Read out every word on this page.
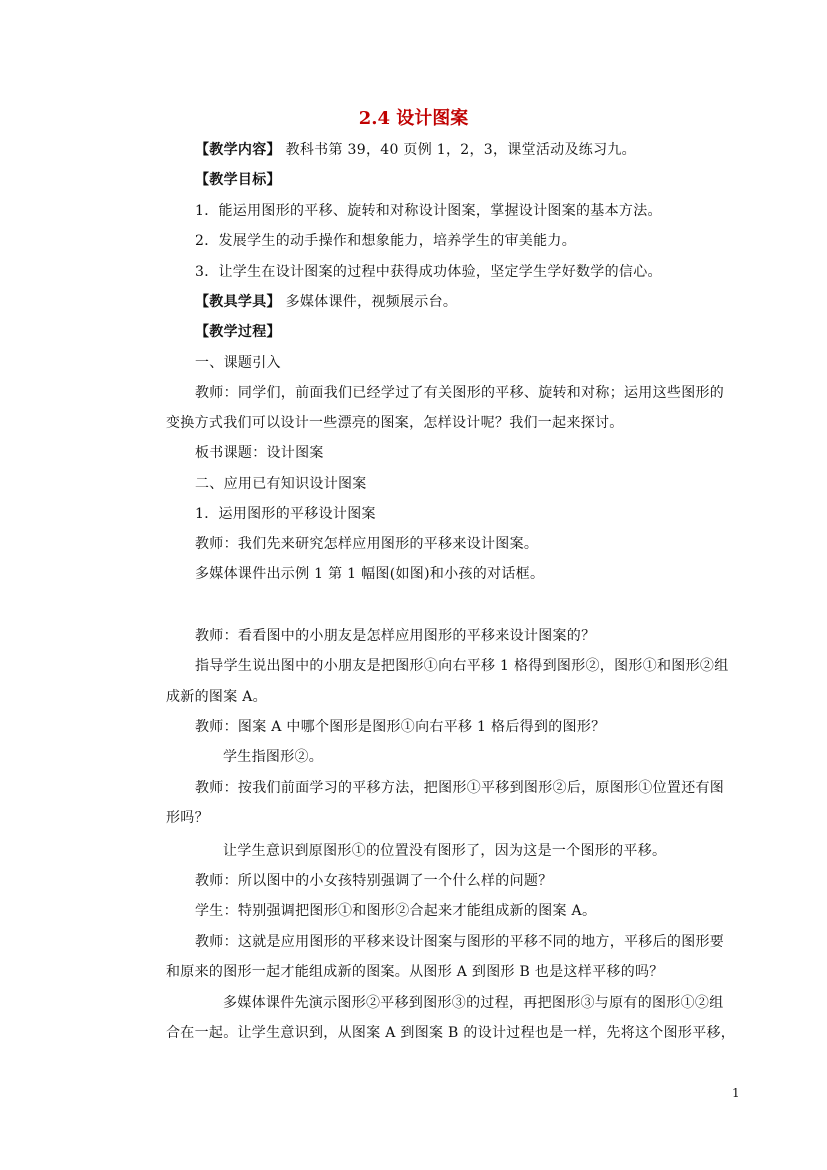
2.4 设计图案
【教学内容】 教科书第 39，40 页例 1，2，3，课堂活动及练习九。
【教学目标】
1．能运用图形的平移、旋转和对称设计图案，掌握设计图案的基本方法。
2．发展学生的动手操作和想象能力，培养学生的审美能力。
3．让学生在设计图案的过程中获得成功体验，坚定学生学好数学的信心。
【教具学具】 多媒体课件，视频展示台。
【教学过程】
一、课题引入
教师：同学们，前面我们已经学过了有关图形的平移、旋转和对称；运用这些图形的
变换方式我们可以设计一些漂亮的图案，怎样设计呢？我们一起来探讨。
板书课题：设计图案
二、应用已有知识设计图案
1．运用图形的平移设计图案
教师：我们先来研究怎样应用图形的平移来设计图案。
多媒体课件出示例 1 第 1 幅图(如图)和小孩的对话框。
教师：看看图中的小朋友是怎样应用图形的平移来设计图案的？
指导学生说出图中的小朋友是把图形①向右平移 1 格得到图形②，图形①和图形②组
成新的图案 A。
教师：图案 A 中哪个图形是图形①向右平移 1 格后得到的图形？
学生指图形②。
教师：按我们前面学习的平移方法，把图形①平移到图形②后，原图形①位置还有图
形吗？
让学生意识到原图形①的位置没有图形了，因为这是一个图形的平移。
教师：所以图中的小女孩特别强调了一个什么样的问题？
学生：特别强调把图形①和图形②合起来才能组成新的图案 A。
教师：这就是应用图形的平移来设计图案与图形的平移不同的地方，平移后的图形要
和原来的图形一起才能组成新的图案。从图形 A 到图形 B 也是这样平移的吗？
多媒体课件先演示图形②平移到图形③的过程，再把图形③与原有的图形①②组
合在一起。让学生意识到，从图案 A 到图案 B 的设计过程也是一样，先将这个图形平移，
1
